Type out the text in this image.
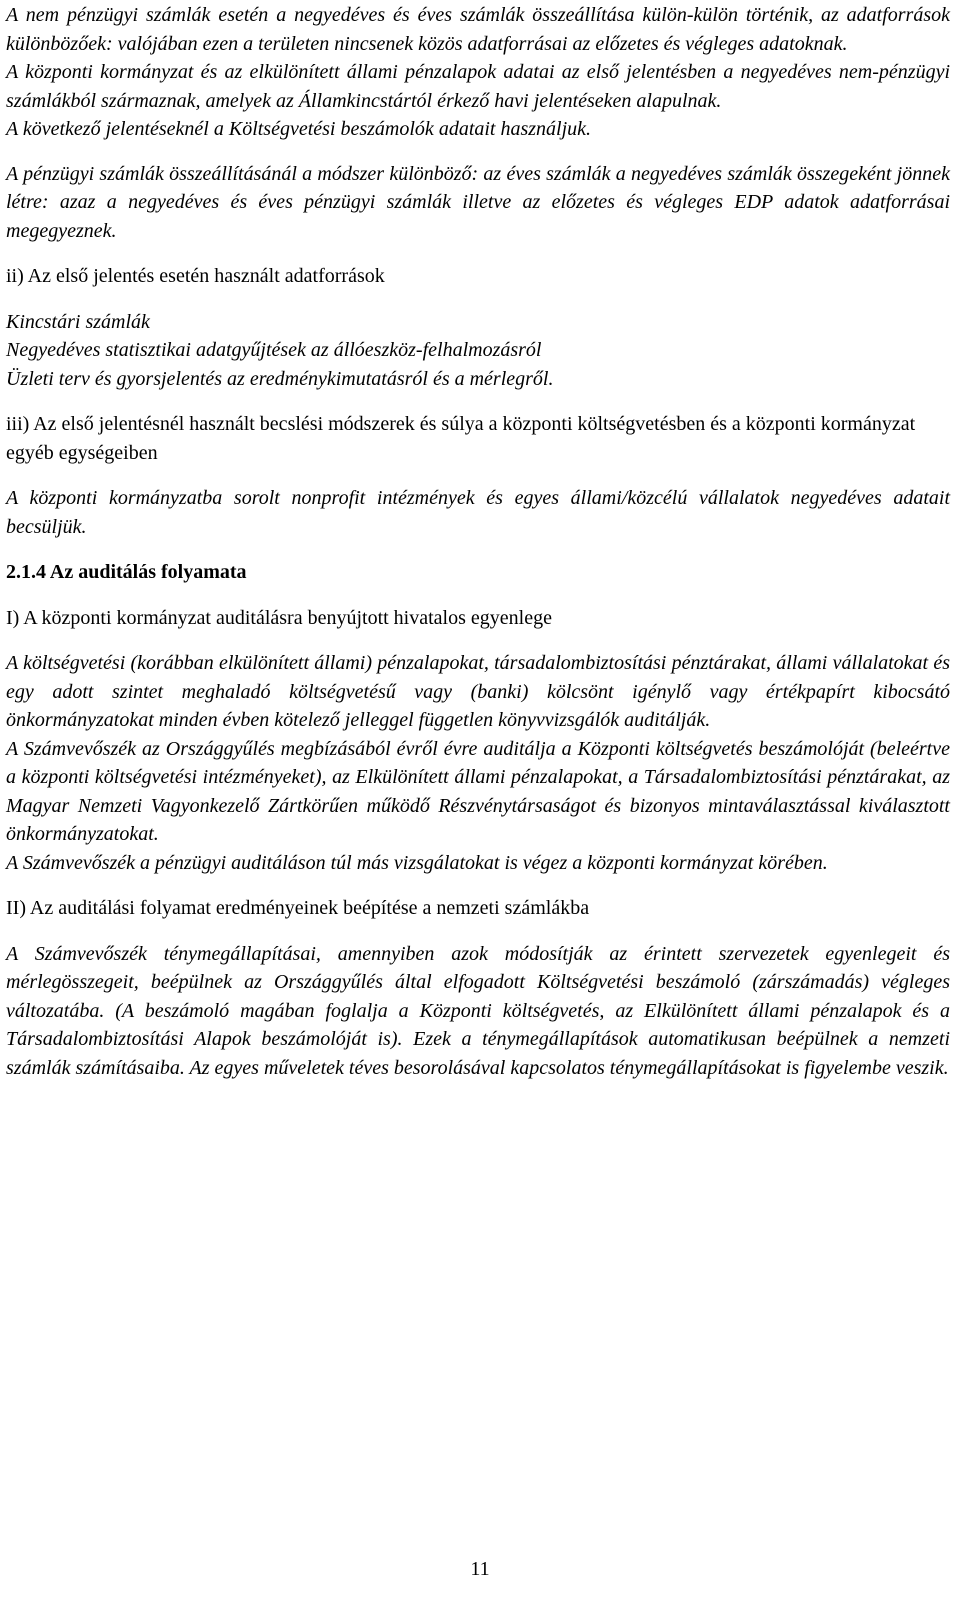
A nem pénzügyi számlák esetén a negyedéves és éves számlák összeállítása külön-külön történik, az adatforrások különbözőek: valójában ezen a területen nincsenek közös adatforrásai az előzetes és végleges adatoknak.

A központi kormányzat és az elkülönített állami pénzalapok adatai az első jelentésben a negyedéves nem-pénzügyi számlákból származnak, amelyek az Államkincstártól érkező havi jelentéseken alapulnak.

A következő jelentéseknél a Költségvetési beszámolók adatait használjuk.

A pénzügyi számlák összeállításánál a módszer különböző: az éves számlák a negyedéves számlák összegeként jönnek létre: azaz a negyedéves és éves pénzügyi számlák illetve az előzetes és végleges EDP adatok adatforrásai megegyeznek.

ii) Az első jelentés esetén használt adatforrások

Kincstári számlák

Negyedéves statisztikai adatgyűjtések az állóeszköz-felhalmozásról

Üzleti terv és gyorsjelentés az eredménykimutatásról és a mérlegről.

iii) Az első jelentésnél használt becslési módszerek és súlya a központi költségvetésben és a központi kormányzat egyéb egységeiben

A központi kormányzatba sorolt nonprofit intézmények és egyes állami/közcélú vállalatok negyedéves adatait becsüljük.

2.1.4 Az auditálás folyamata

I) A központi kormányzat auditálásra benyújtott hivatalos egyenlege

A költségvetési (korábban elkülönített állami) pénzalapokat, társadalombiztosítási pénztárakat, állami vállalatokat és egy adott szintet meghaladó költségvetésű vagy (banki) kölcsönt igénylő vagy értékpapírt kibocsátó önkormányzatokat minden évben kötelező jelleggel független könyvvizsgálók auditálják.

A Számvevőszék az Országgyűlés megbízásából évről évre auditálja a Központi költségvetés beszámolóját (beleértve a központi költségvetési intézményeket), az Elkülönített állami pénzalapokat, a Társadalombiztosítási pénztárakat, az Magyar Nemzeti Vagyonkezelő Zártkörűen működő Részvénytársaságot és bizonyos mintaválasztással kiválasztott önkormányzatokat.

A Számvevőszék a pénzügyi auditáláson túl más vizsgálatokat is végez a központi kormányzat körében.

II) Az auditálási folyamat eredményeinek beépítése a nemzeti számlákba

A Számvevőszék ténymegállapításai, amennyiben azok módosítják az érintett szervezetek egyenlegeit és mérlegösszegeit, beépülnek az Országgyűlés által elfogadott Költségvetési beszámoló (zárszámadás) végleges változatába. (A beszámoló magában foglalja a Központi költségvetés, az Elkülönített állami pénzalapok és a Társadalombiztosítási Alapok beszámolóját is). Ezek a ténymegállapítások automatikusan beépülnek a nemzeti számlák számításaiba. Az egyes műveletek téves besorolásával kapcsolatos ténymegállapításokat is figyelembe veszik.

11
